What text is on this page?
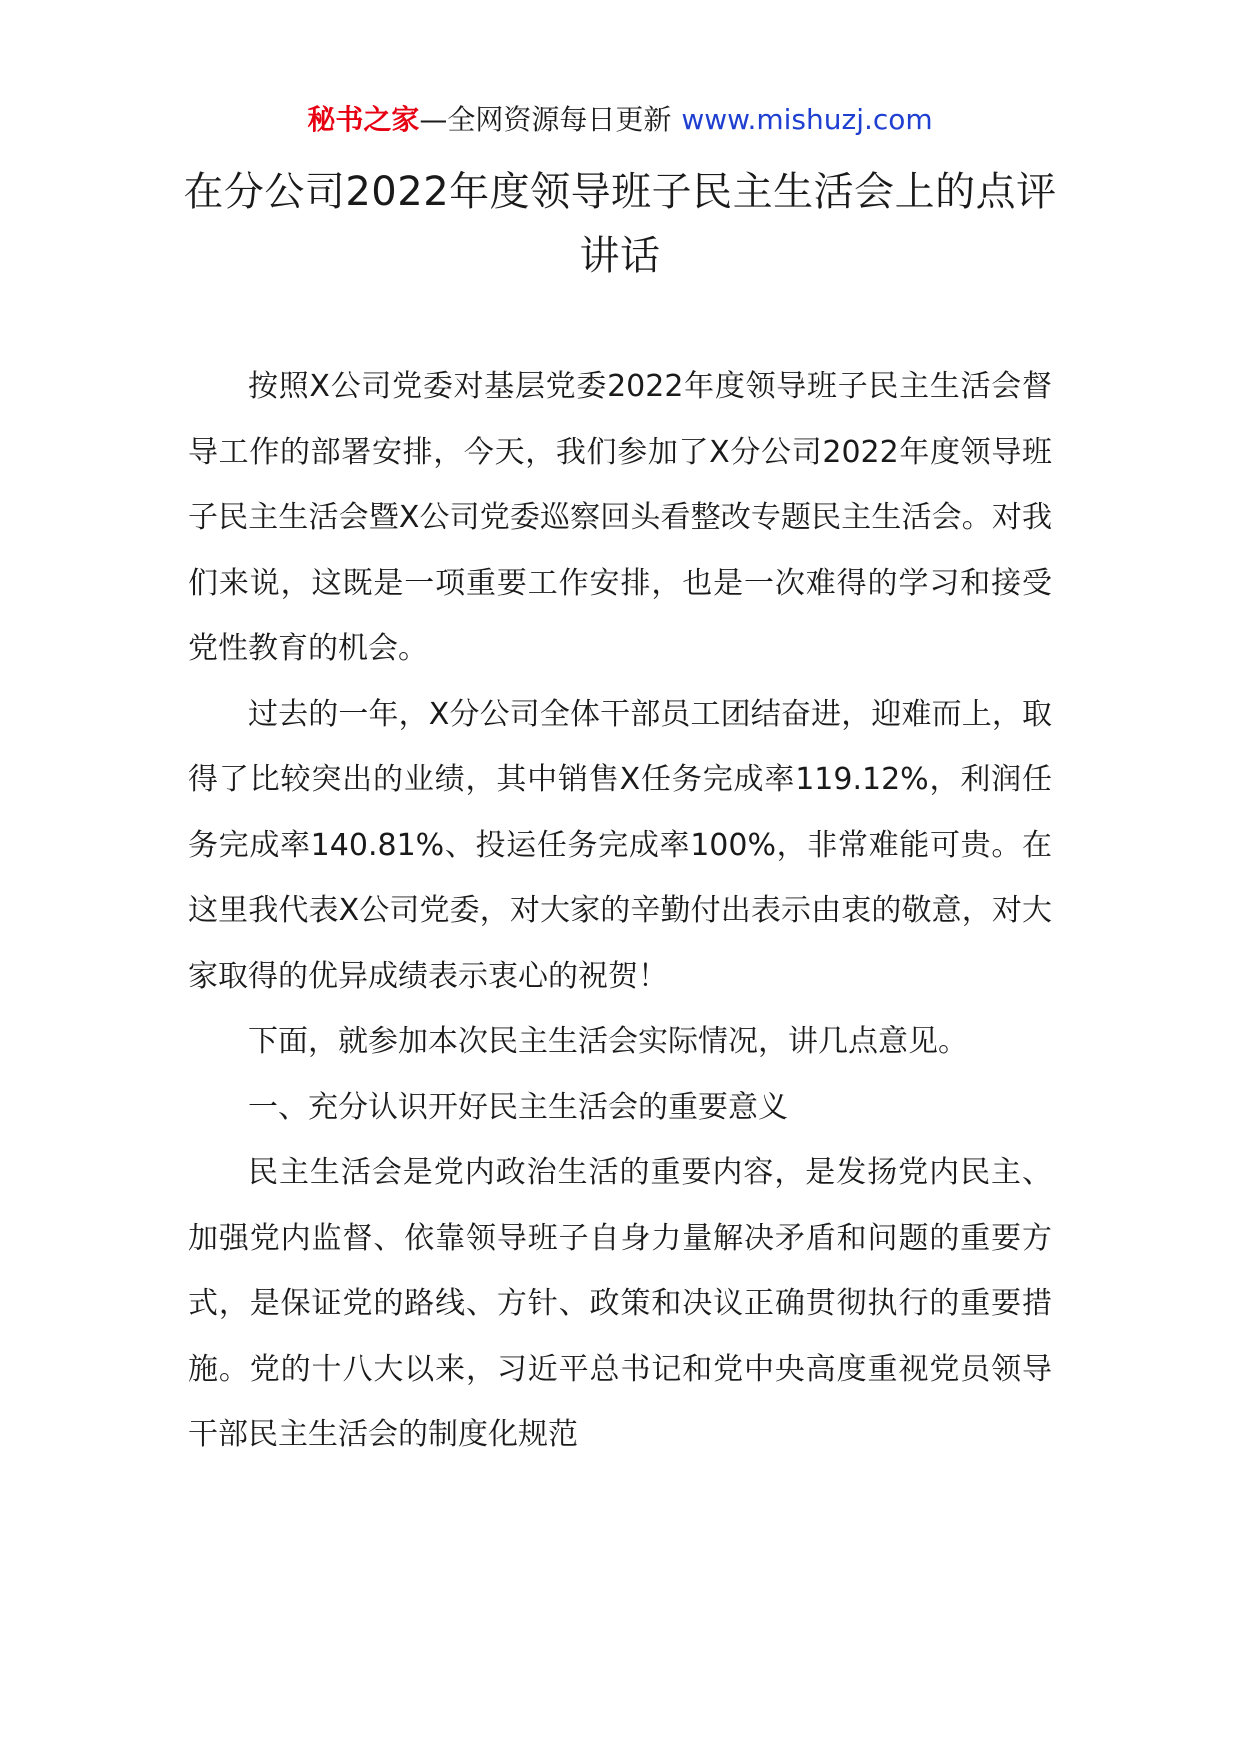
秘书之家—全网资源每日更新 www.mishuzj.com
在分公司2022年度领导班子民主生活会上的点评讲话

按照X公司党委对基层党委2022年度领导班子民主生活会督导工作的部署安排，今天，我们参加了X分公司2022年度领导班子民主生活会暨X公司党委巡察回头看整改专题民主生活会。对我们来说，这既是一项重要工作安排，也是一次难得的学习和接受党性教育的机会。

过去的一年，X分公司全体干部员工团结奋进，迎难而上，取得了比较突出的业绩，其中销售X任务完成率119.12%，利润任务完成率140.81%、投运任务完成率100%，非常难能可贵。在这里我代表X公司党委，对大家的辛勤付出表示由衷的敬意，对大家取得的优异成绩表示衷心的祝贺！

下面，就参加本次民主生活会实际情况，讲几点意见。

一、充分认识开好民主生活会的重要意义

民主生活会是党内政治生活的重要内容，是发扬党内民主、加强党内监督、依靠领导班子自身力量解决矛盾和问题的重要方式，是保证党的路线、方针、政策和决议正确贯彻执行的重要措施。党的十八大以来，习近平总书记和党中央高度重视党员领导干部民主生活会的制度化规范
